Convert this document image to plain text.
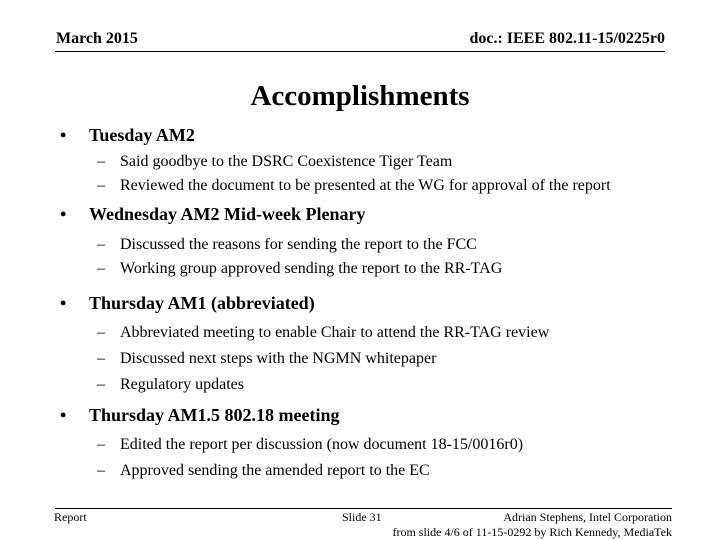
March 2015	doc.: IEEE 802.11-15/0225r0
Accomplishments
• Tuesday AM2
– Said goodbye to the DSRC Coexistence Tiger Team
– Reviewed the document to be presented at the WG for approval of the report
• Wednesday AM2 Mid-week Plenary
– Discussed the reasons for sending the report to the FCC
– Working group approved sending the report to the RR-TAG
• Thursday AM1 (abbreviated)
– Abbreviated meeting to enable Chair to attend the RR-TAG review
– Discussed next steps with the NGMN whitepaper
– Regulatory updates
• Thursday AM1.5 802.18 meeting
– Edited the report per discussion (now document 18-15/0016r0)
– Approved sending the amended report to the EC
Report	Slide 31	Adrian Stephens, Intel Corporation
from slide 4/6 of 11-15-0292 by Rich Kennedy, MediaTek
